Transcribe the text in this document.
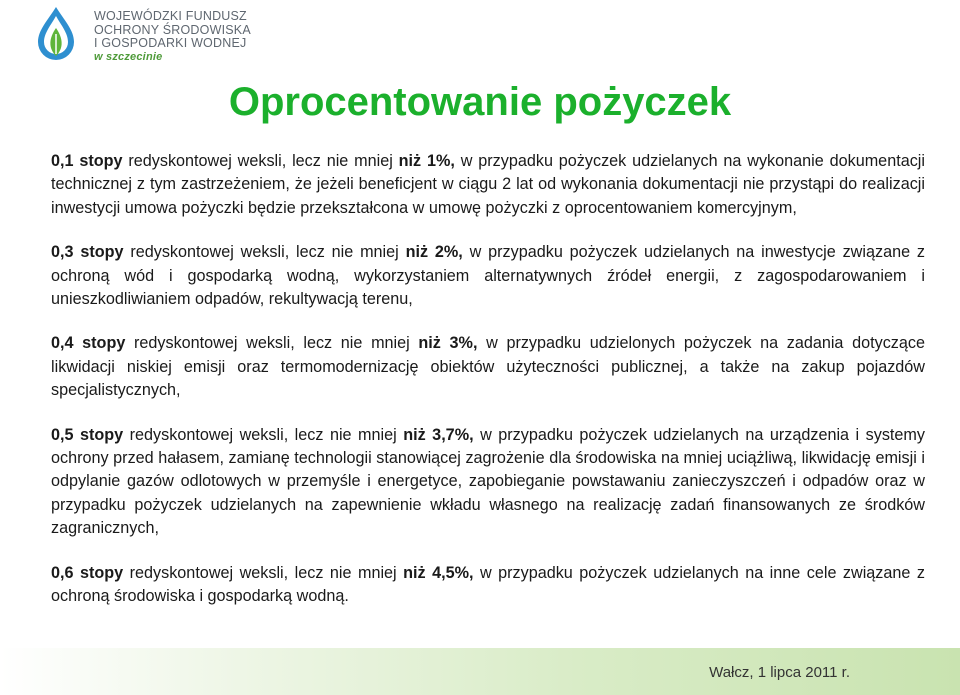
WOJEWÓDZKI FUNDUSZ
OCHRONY ŚRODOWISKA
I GOSPODARKI WODNEJ
w szczecinie
Oprocentowanie pożyczek

0,1 stopy redyskontowej weksli, lecz nie mniej niż 1%, w przypadku pożyczek udzielanych na wykonanie dokumentacji technicznej z tym zastrzeżeniem, że jeżeli beneficjent w ciągu 2 lat od wykonania dokumentacji nie przystąpi do realizacji inwestycji umowa pożyczki będzie przekształcona w umowę pożyczki z oprocentowaniem komercyjnym,

0,3 stopy redyskontowej weksli, lecz nie mniej niż 2%, w przypadku pożyczek udzielanych na inwestycje związane z ochroną wód i gospodarką wodną, wykorzystaniem alternatywnych źródeł energii, z zagospodarowaniem i unieszkodliwianiem odpadów, rekultywacją terenu,

0,4 stopy redyskontowej weksli, lecz nie mniej niż 3%, w przypadku udzielonych pożyczek na zadania dotyczące likwidacji niskiej emisji oraz termomodernizację obiektów użyteczności publicznej, a także na zakup pojazdów specjalistycznych,

0,5 stopy redyskontowej weksli, lecz nie mniej niż 3,7%, w przypadku pożyczek udzielanych na urządzenia i systemy ochrony przed hałasem, zamianę technologii stanowiącej zagrożenie dla środowiska na mniej uciążliwą, likwidację emisji i odpylanie gazów odlotowych w przemyśle i energetyce, zapobieganie powstawaniu zanieczyszczeń i odpadów oraz w przypadku pożyczek udzielanych na zapewnienie wkładu własnego na realizację zadań finansowanych ze środków zagranicznych,

0,6 stopy redyskontowej weksli, lecz nie mniej niż 4,5%, w przypadku pożyczek udzielanych na inne cele związane z ochroną środowiska i gospodarką wodną.

Wałcz, 1 lipca 2011 r.
